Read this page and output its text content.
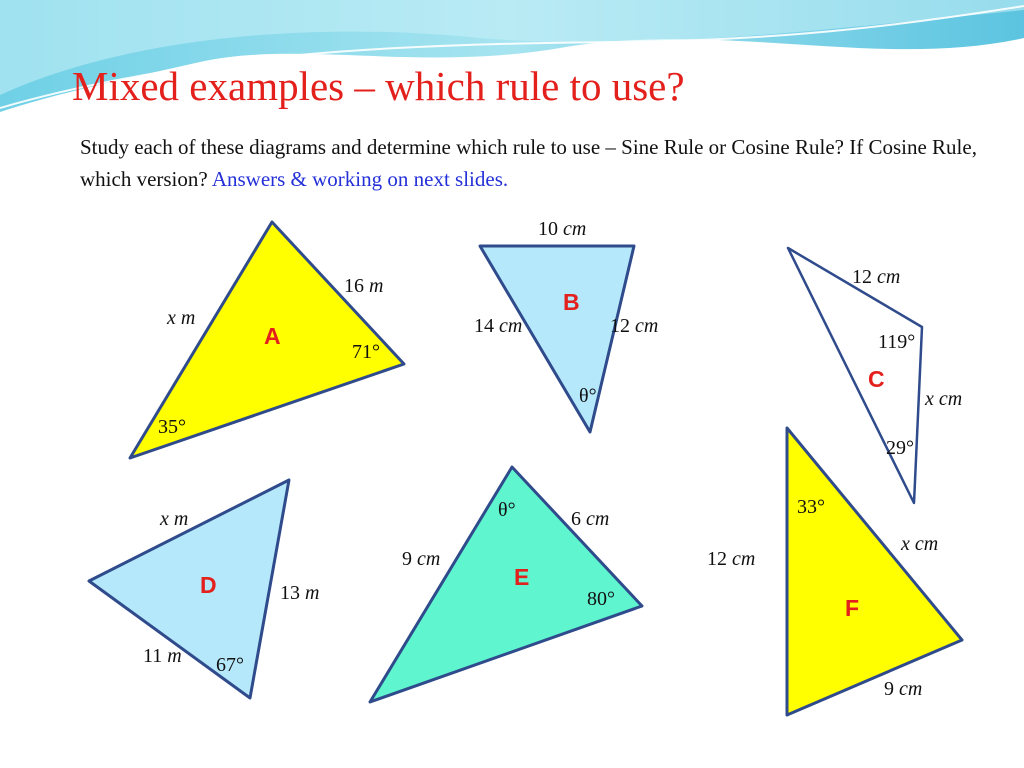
Mixed examples – which rule to use?
Study each of these diagrams and determine which rule to use – Sine Rule or Cosine Rule? If Cosine Rule, which version? Answers & working on next slides.
A
16 m
x m
71°
35°
B
10 cm
14 cm	12 cm
θ°
C
12 cm
x cm
119°
29°
D
x m
13 m
11 m 67°
E
6 cm
9 cm
θ°
80°	F
12 cm
x cm
9 cm
33°
